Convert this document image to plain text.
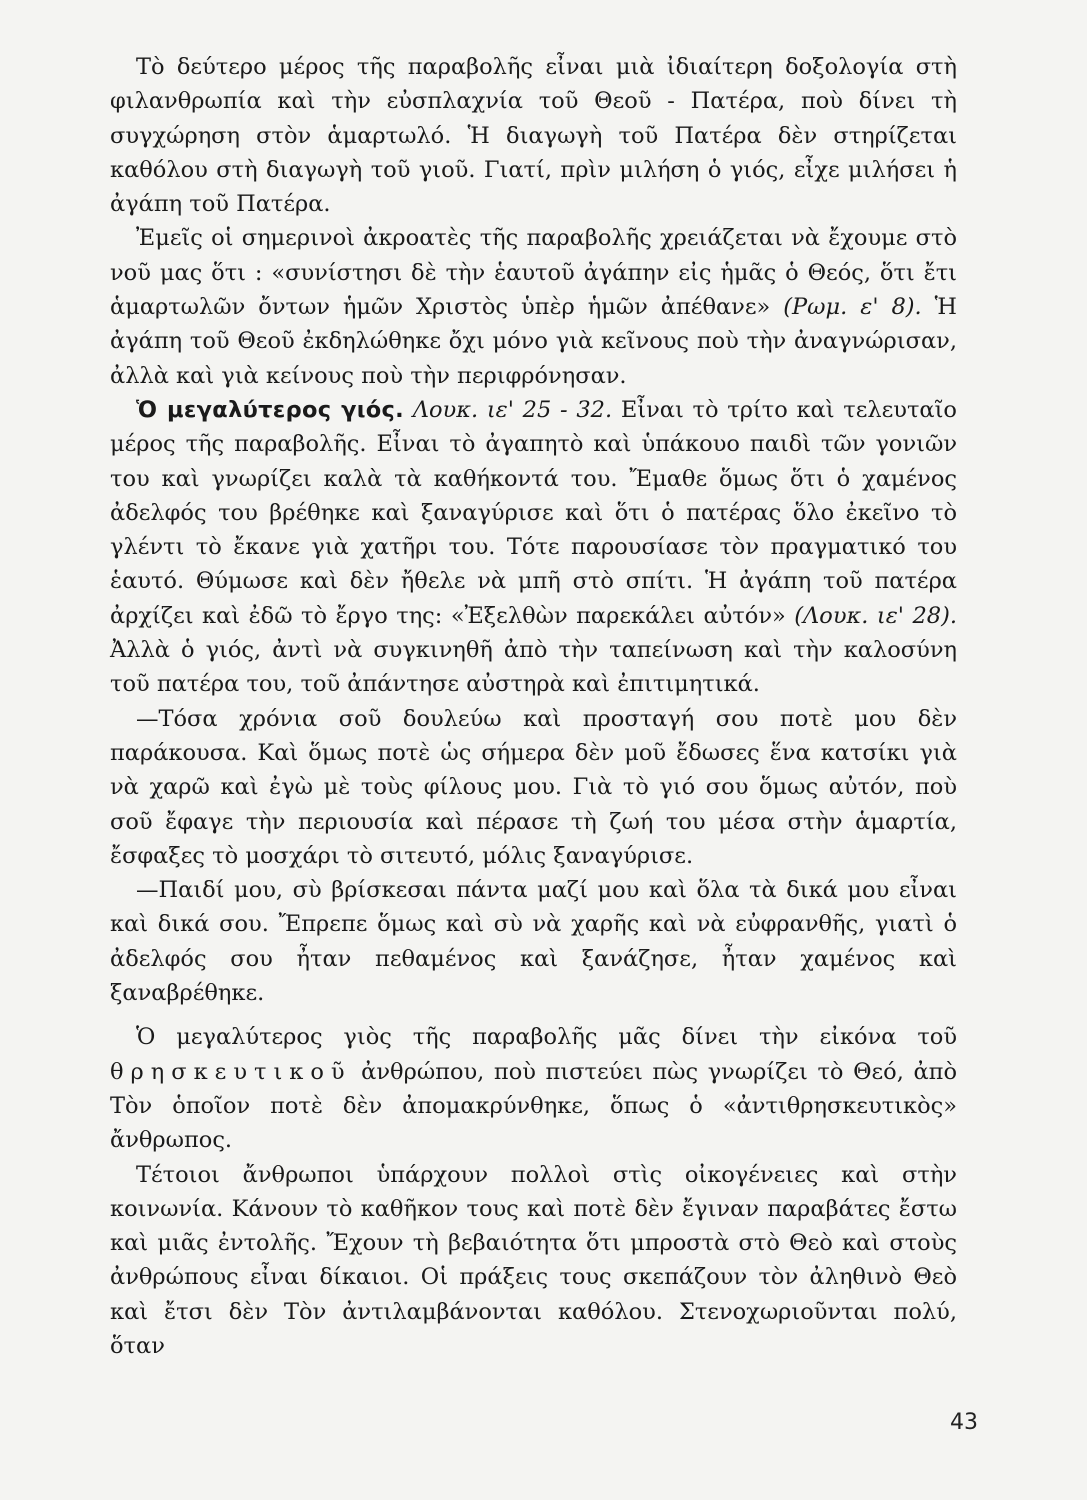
Τὸ δεύτερο μέρος τῆς παραβολῆς εἶναι μιὰ ἰδιαίτερη δοξολογία στὴ φιλανθρωπία καὶ τὴν εὐσπλαχνία τοῦ Θεοῦ - Πατέρα, ποὺ δίνει τὴ συγχώρηση στὸν ἁμαρτωλό. Ἡ διαγωγὴ τοῦ Πατέρα δὲν στηρίζεται καθόλου στὴ διαγωγὴ τοῦ γιοῦ. Γιατί, πρὶν μιλήση ὁ γιός, εἶχε μιλήσει ἡ ἀγάπη τοῦ Πατέρα.

Ἐμεῖς οἱ σημερινοὶ ἀκροατὲς τῆς παραβολῆς χρειάζεται νὰ ἔχουμε στὸ νοῦ μας ὅτι : «συνίστησι δὲ τὴν ἑαυτοῦ ἀγάπην εἰς ἡμᾶς ὁ Θεός, ὅτι ἔτι ἁμαρτωλῶν ὄντων ἡμῶν Χριστὸς ὑπὲρ ἡμῶν ἀπέθανε» (Ρωμ. ε' 8). Ἡ ἀγάπη τοῦ Θεοῦ ἐκδηλώθηκε ὄχι μόνο γιὰ κεῖνους ποὺ τὴν ἀναγνώρισαν, ἀλλὰ καὶ γιὰ κείνους ποὺ τὴν περιφρόνησαν.

Ὁ μεγαλύτερος γιός. Λουκ. ιε' 25 - 32. Εἶναι τὸ τρίτο καὶ τελευταῖο μέρος τῆς παραβολῆς. Εἶναι τὸ ἀγαπητὸ καὶ ὑπάκουο παιδὶ τῶν γονιῶν του καὶ γνωρίζει καλὰ τὰ καθήκοντά του. Ἔμαθε ὅμως ὅτι ὁ χαμένος ἀδελφός του βρέθηκε καὶ ξαναγύρισε καὶ ὅτι ὁ πατέρας ὅλο ἐκεῖνο τὸ γλέντι τὸ ἔκανε γιὰ χατῆρι του. Τότε παρουσίασε τὸν πραγματικό του ἑαυτό. Θύμωσε καὶ δὲν ἤθελε νὰ μπῆ στὸ σπίτι. Ἡ ἀγάπη τοῦ πατέρα ἀρχίζει καὶ ἐδῶ τὸ ἔργο της: «Ἐξελθὼν παρεκάλει αὐτόν» (Λουκ. ιε' 28). Ἀλλὰ ὁ γιός, ἀντὶ νὰ συγκινηθῆ ἀπὸ τὴν ταπείνωση καὶ τὴν καλοσύνη τοῦ πατέρα του, τοῦ ἀπάντησε αὐστηρὰ καὶ ἐπιτιμητικά.

—Τόσα χρόνια σοῦ δουλεύω καὶ προσταγή σου ποτὲ μου δὲν παράκουσα. Καὶ ὅμως ποτὲ ὡς σήμερα δὲν μοῦ ἔδωσες ἕνα κατσίκι γιὰ νὰ χαρῶ καὶ ἐγὼ μὲ τοὺς φίλους μου. Γιὰ τὸ γιό σου ὅμως αὐτόν, ποὺ σοῦ ἔφαγε τὴν περιουσία καὶ πέρασε τὴ ζωή του μέσα στὴν ἁμαρτία, ἔσφαξες τὸ μοσχάρι τὸ σιτευτό, μόλις ξαναγύρισε.

—Παιδί μου, σὺ βρίσκεσαι πάντα μαζί μου καὶ ὅλα τὰ δικά μου εἶναι καὶ δικά σου. Ἔπρεπε ὅμως καὶ σὺ νὰ χαρῆς καὶ νὰ εὐφρανθῆς, γιατὶ ὁ ἀδελφός σου ἦταν πεθαμένος καὶ ξανάζησε, ἦταν χαμένος καὶ ξαναβρέθηκε.

Ὁ μεγαλύτερος γιὸς τῆς παραβολῆς μᾶς δίνει τὴν εἰκόνα τοῦ θρησκευτικοῦ ἀνθρώπου, ποὺ πιστεύει πὼς γνωρίζει τὸ Θεό, ἀπὸ Τὸν ὁποῖον ποτὲ δὲν ἀπομακρύνθηκε, ὅπως ὁ «ἀντιθρησκευτικὸς» ἄνθρωπος.

Τέτοιοι ἄνθρωποι ὑπάρχουν πολλοὶ στὶς οἰκογένειες καὶ στὴν κοινωνία. Κάνουν τὸ καθῆκον τους καὶ ποτὲ δὲν ἔγιναν παραβάτες ἔστω καὶ μιᾶς ἐντολῆς. Ἔχουν τὴ βεβαιότητα ὅτι μπροστὰ στὸ Θεὸ καὶ στοὺς ἀνθρώπους εἶναι δίκαιοι. Οἱ πράξεις τους σκεπάζουν τὸν ἀληθινὸ Θεὸ καὶ ἔτσι δὲν Τὸν ἀντιλαμβάνονται καθόλου. Στενοχωριοῦνται πολύ, ὅταν

43
